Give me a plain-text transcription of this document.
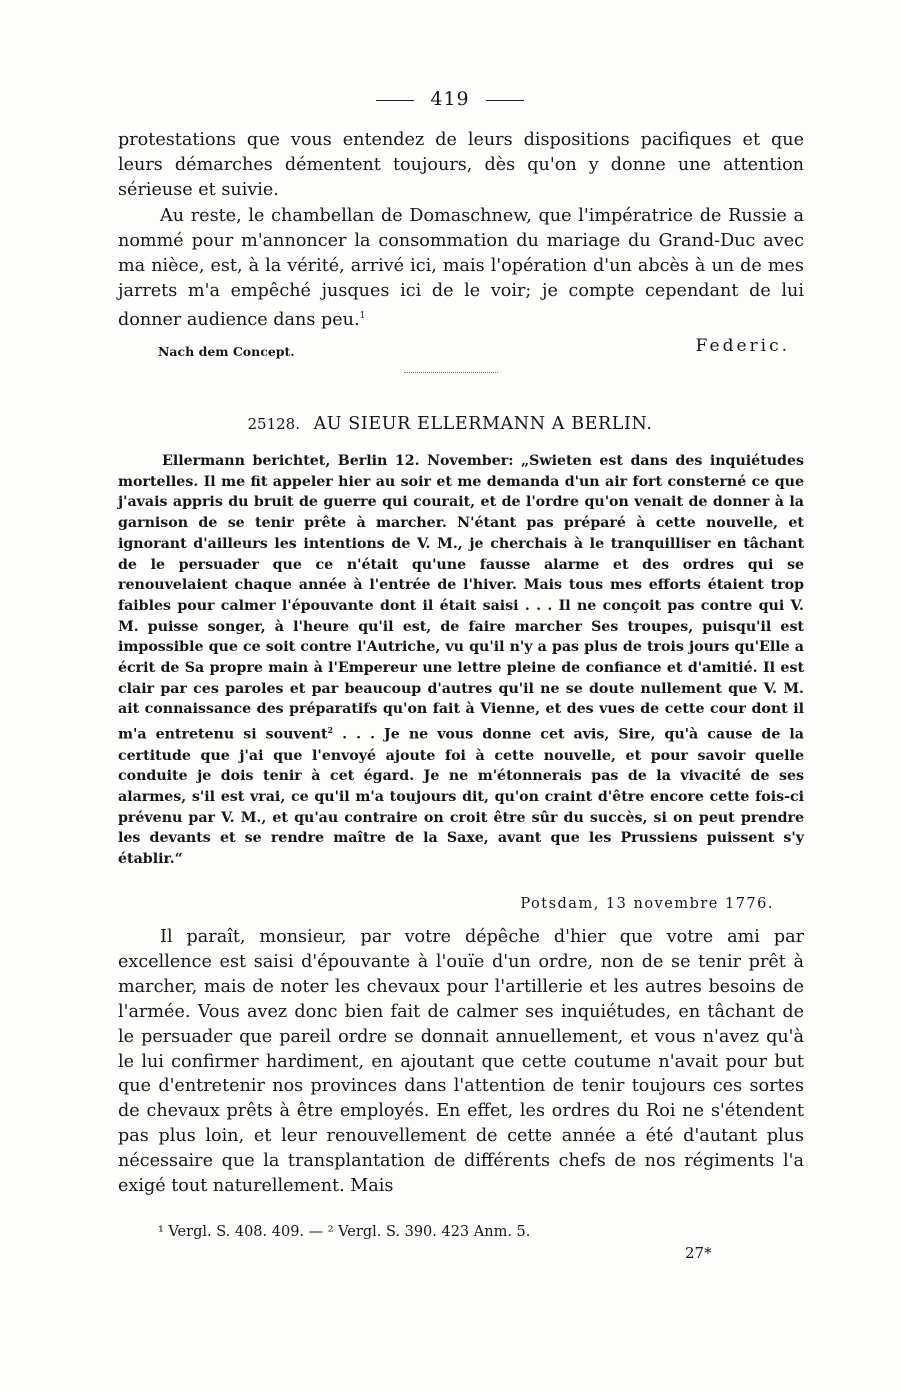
419

protestations que vous entendez de leurs dispositions pacifiques et que leurs démarches démentent toujours, dès qu'on y donne une attention sérieuse et suivie.

Au reste, le chambellan de Domaschnew, que l'impératrice de Russie a nommé pour m'annoncer la consommation du mariage du Grand-Duc avec ma nièce, est, à la vérité, arrivé ici, mais l'opération d'un abcès à un de mes jarrets m'a empêché jusques ici de le voir; je compte cependant de lui donner audience dans peu.$^1$

Nach dem Concept.	Federic.
25128. AU SIEUR ELLERMANN A BERLIN.

Ellermann berichtet, Berlin 12. November: „Swieten est dans des inquiétudes mortelles. Il me fit appeler hier au soir et me demanda d'un air fort consterné ce que j'avais appris du bruit de guerre qui courait, et de l'ordre qu'on venait de donner à la garnison de se tenir prête à marcher. N'étant pas préparé à cette nouvelle, et ignorant d'ailleurs les intentions de V. M., je cherchais à le tranquilliser en tâchant de le persuader que ce n'était qu'une fausse alarme et des ordres qui se renouvelaient chaque année à l'entrée de l'hiver. Mais tous mes efforts étaient trop faibles pour calmer l'épouvante dont il était saisi . . . Il ne conçoit pas contre qui V. M. puisse songer, à l'heure qu'il est, de faire marcher Ses troupes, puisqu'il est impossible que ce soit contre l'Autriche, vu qu'il n'y a pas plus de trois jours qu'Elle a écrit de Sa propre main à l'Empereur une lettre pleine de confiance et d'amitié. Il est clair par ces paroles et par beaucoup d'autres qu'il ne se doute nullement que V. M. ait connaissance des préparatifs qu'on fait à Vienne, et des vues de cette cour dont il m'a entretenu si souvent$^2$ . . . Je ne vous donne cet avis, Sire, qu'à cause de la certitude que j'ai que l'envoyé ajoute foi à cette nouvelle, et pour savoir quelle conduite je dois tenir à cet égard. Je ne m'étonnerais pas de la vivacité de ses alarmes, s'il est vrai, ce qu'il m'a toujours dit, qu'on craint d'être encore cette fois-ci prévenu par V. M., et qu'au contraire on croit être sûr du succès, si on peut prendre les devants et se rendre maître de la Saxe, avant que les Prussiens puissent s'y établir.“

Potsdam, 13 novembre 1776.

Il paraît, monsieur, par votre dépêche d'hier que votre ami par excellence est saisi d'épouvante à l'ouïe d'un ordre, non de se tenir prêt à marcher, mais de noter les chevaux pour l'artillerie et les autres besoins de l'armée. Vous avez donc bien fait de calmer ses inquiétudes, en tâchant de le persuader que pareil ordre se donnait annuellement, et vous n'avez qu'à le lui confirmer hardiment, en ajoutant que cette coutume n'avait pour but que d'entretenir nos provinces dans l'attention de tenir toujours ces sortes de chevaux prêts à être employés. En effet, les ordres du Roi ne s'étendent pas plus loin, et leur renouvellement de cette année a été d'autant plus nécessaire que la transplantation de différents chefs de nos régiments l'a exigé tout naturellement. Mais

¹ Vergl. S. 408. 409. — ² Vergl. S. 390. 423 Anm. 5.
27*
